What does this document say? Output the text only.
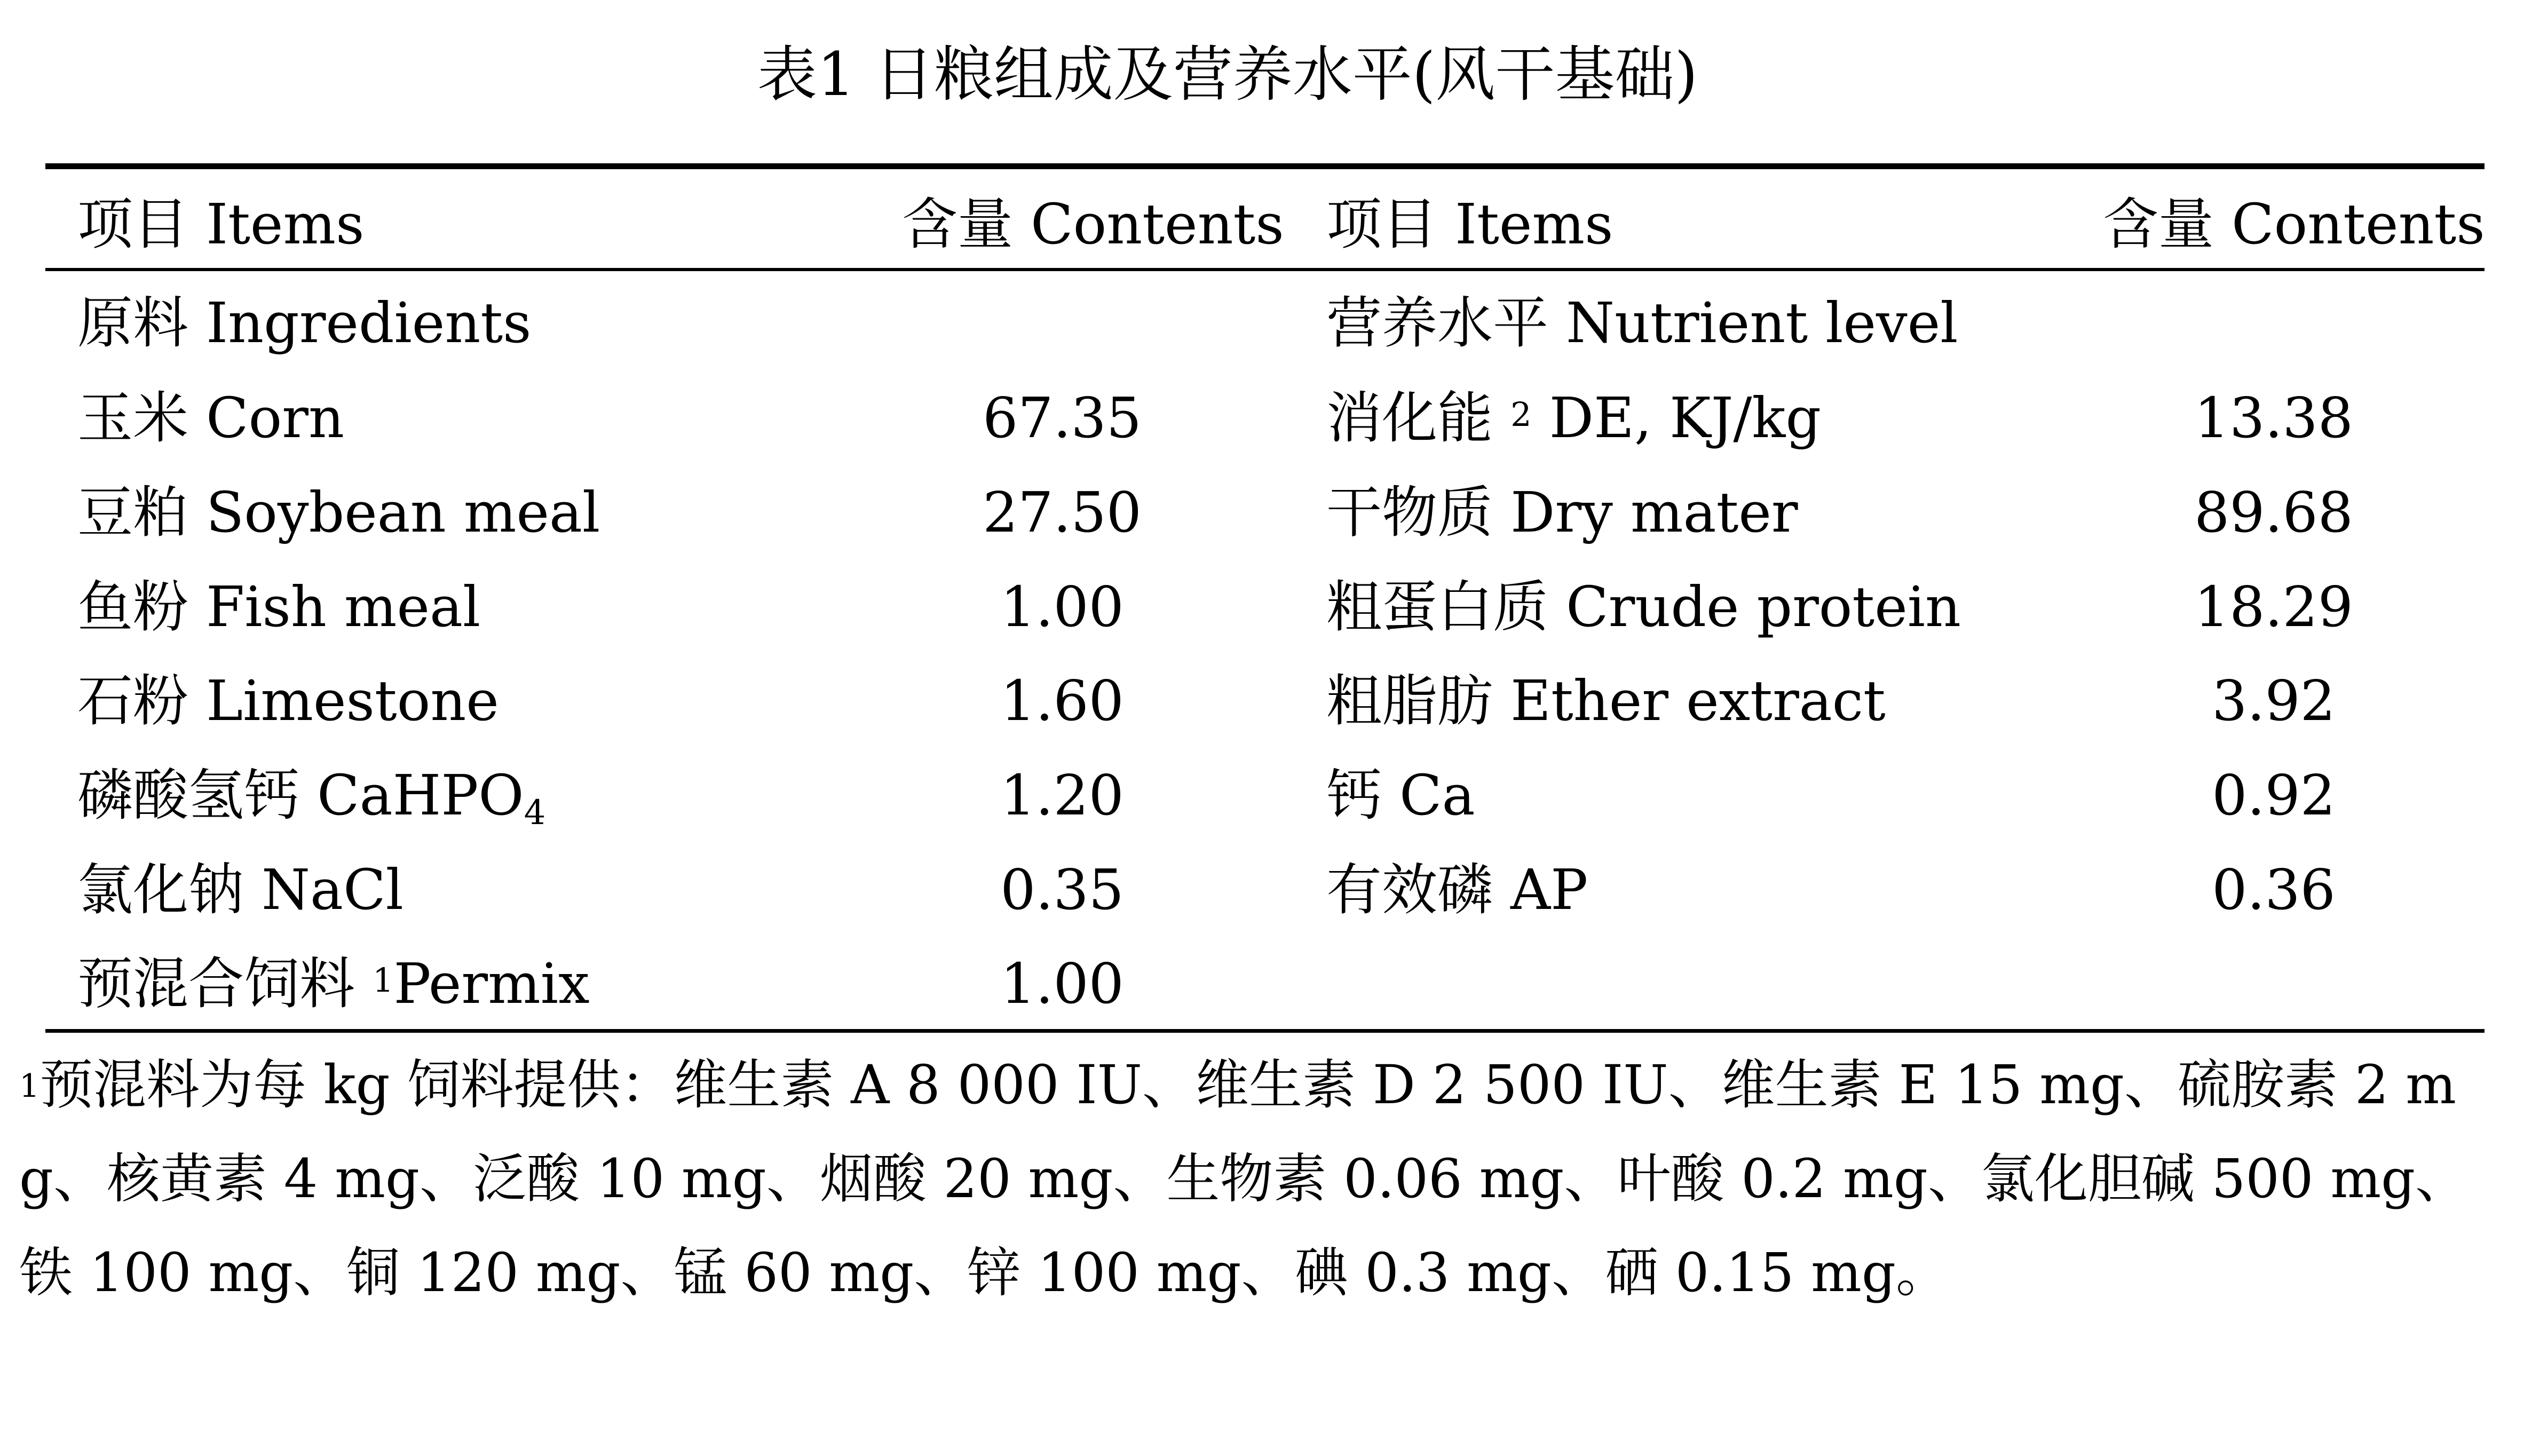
表1 日粮组成及营养水平(风干基础)
项目 Items	含量 Contents 项目 Items	含量 Contents
原料 Ingredients
玉米 Corn	67.35
豆粕 Soybean meal	27.50
鱼粉 Fish meal	1.00
石粉 Limestone	1.60
磷酸氢钙 CaHPO$_4$	1.20
氯化钠 NaCl	0.35
预混合饲料 $^1$Permix	1.00
营养水平 Nutrient level
消化能 $^2$ DE, KJ/kg	13.38
干物质 Dry mater	89.68
粗蛋白质 Crude protein	18.29
粗脂肪 Ether extract	3.92
钙 Ca	0.92
有效磷 AP	0.36
$^1$预混料为每 kg 饲料提供：维生素 A 8 000 IU、维生素 D 2 500 IU、维生素 E 15 mg、硫胺素 2 mg、核黄素 4 mg、泛酸 10 mg、烟酸 20 mg、生物素 0.06 mg、叶酸 0.2 mg、氯化胆碱 500 mg、铁 100 mg、铜 120 mg、锰 60 mg、锌 100 mg、碘 0.3 mg、硒 0.15 mg。
